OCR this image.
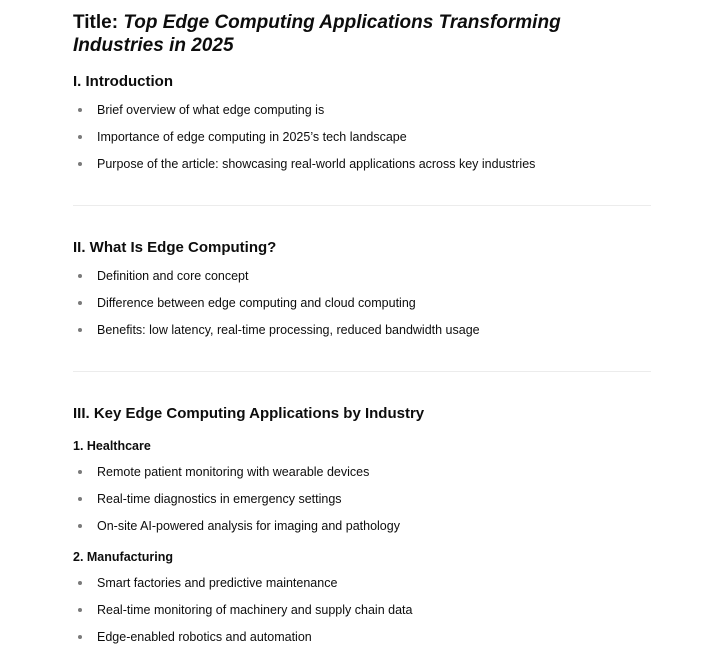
Title: Top Edge Computing Applications Transforming Industries in 2025
I. Introduction
Brief overview of what edge computing is
Importance of edge computing in 2025’s tech landscape
Purpose of the article: showcasing real-world applications across key industries
II. What Is Edge Computing?
Definition and core concept
Difference between edge computing and cloud computing
Benefits: low latency, real-time processing, reduced bandwidth usage
III. Key Edge Computing Applications by Industry
1. Healthcare
Remote patient monitoring with wearable devices
Real-time diagnostics in emergency settings
On-site AI-powered analysis for imaging and pathology
2. Manufacturing
Smart factories and predictive maintenance
Real-time monitoring of machinery and supply chain data
Edge-enabled robotics and automation
